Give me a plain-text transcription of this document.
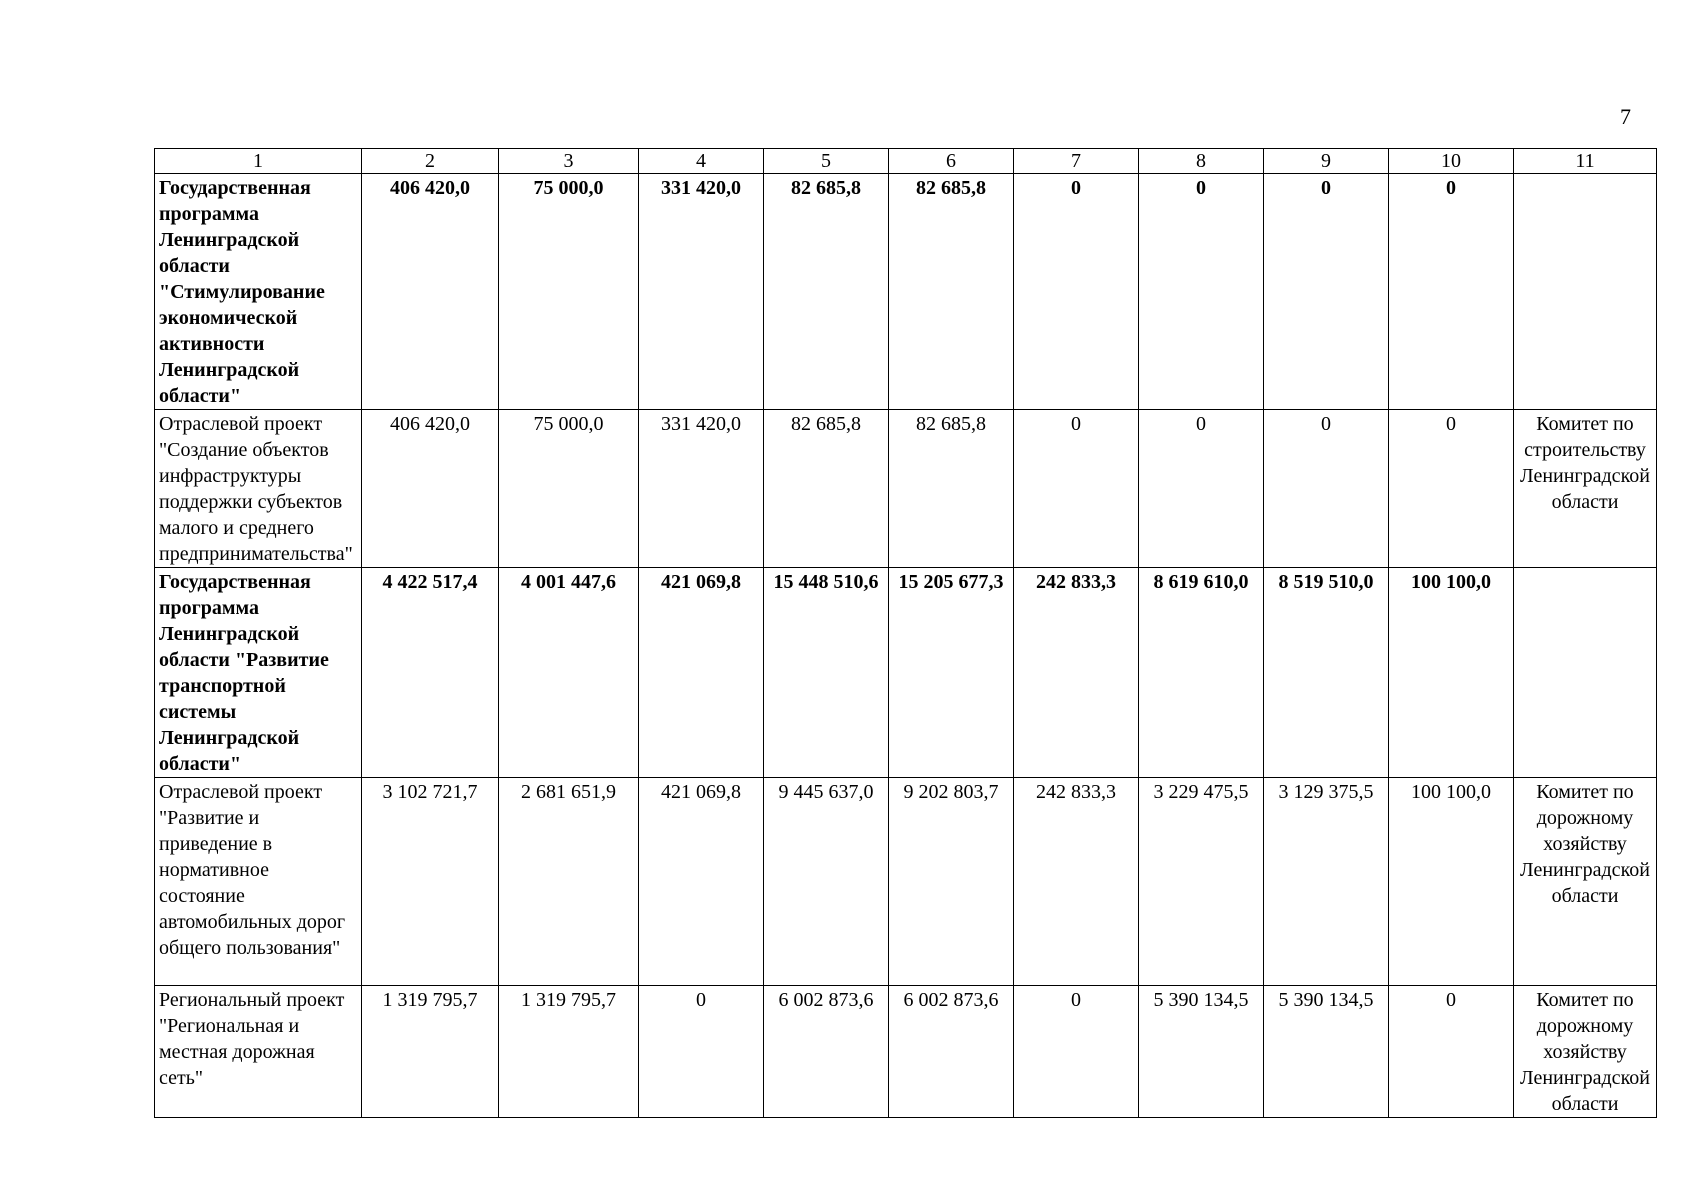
7
1	2	3	4	5	6	7	8	9	10	11
Государственная программа Ленинградской области "Стимулирование экономической активности Ленинградской области"	406 420,0	75 000,0	331 420,0	82 685,8	82 685,8	0	0	0	0	
Отраслевой проект "Создание объектов инфраструктуры поддержки субъектов малого и среднего предпринимательства"	406 420,0	75 000,0	331 420,0	82 685,8	82 685,8	0	0	0	0	Комитет по строительству Ленинградской области
Государственная программа Ленинградской области "Развитие транспортной системы Ленинградской области"	4 422 517,4	4 001 447,6	421 069,8	15 448 510,6	15 205 677,3	242 833,3	8 619 610,0	8 519 510,0	100 100,0	
Отраслевой проект "Развитие и приведение в нормативное состояние автомобильных дорог общего пользования"	3 102 721,7	2 681 651,9	421 069,8	9 445 637,0	9 202 803,7	242 833,3	3 229 475,5	3 129 375,5	100 100,0	Комитет по дорожному хозяйству Ленинградской области
Региональный проект "Региональная и местная дорожная сеть"	1 319 795,7	1 319 795,7	0	6 002 873,6	6 002 873,6	0	5 390 134,5	5 390 134,5	0	Комитет по дорожному хозяйству Ленинградской области
